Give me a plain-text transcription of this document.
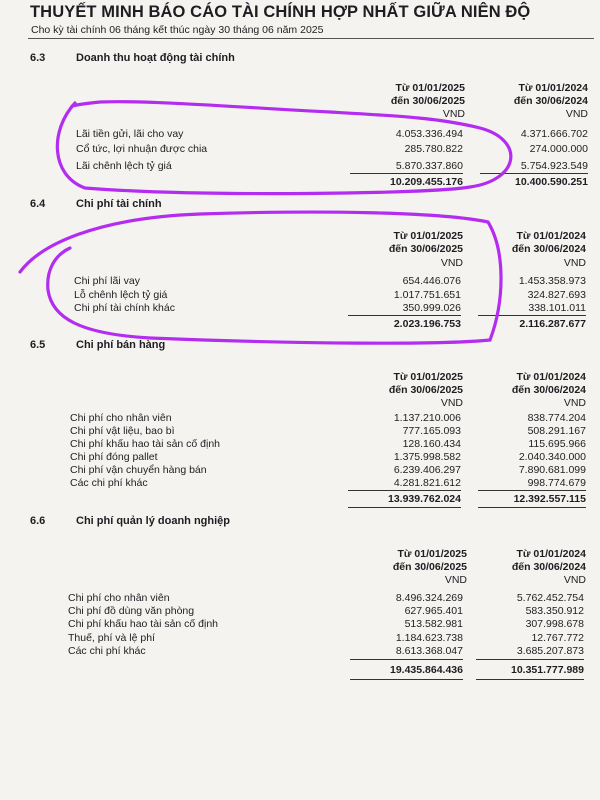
THUYẾT MINH BÁO CÁO TÀI CHÍNH HỢP NHẤT GIỮA NIÊN ĐỘ
Cho kỳ tài chính 06 tháng kết thúc ngày 30 tháng 06 năm 2025
6.3	Doanh thu hoạt động tài chính
Từ 01/01/2025
đến 30/06/2025
Từ 01/01/2024
đến 30/06/2024
VND	VND
Lãi tiền gửi, lãi cho vay	4.053.336.494	4.371.666.702
Cổ tức, lợi nhuận được chia	285.780.822	274.000.000
Lãi chênh lệch tỷ giá	5.870.337.860	5.754.923.549
10.209.455.176	10.400.590.251
6.4	Chi phí tài chính
Từ 01/01/2025
đến 30/06/2025
Từ 01/01/2024
đến 30/06/2024
VND	VND
Chi phí lãi vay	654.446.076	1.453.358.973
Lỗ chênh lệch tỷ giá	1.017.751.651	324.827.693
Chi phí tài chính khác	350.999.026	338.101.011
2.023.196.753	2.116.287.677
6.5	Chi phí bán hàng
Từ 01/01/2025
đến 30/06/2025
Từ 01/01/2024
đến 30/06/2024
VND	VND
Chi phí cho nhân viên	1.137.210.006	838.774.204
Chi phí vật liệu, bao bì	777.165.093	508.291.167
Chi phí khấu hao tài sản cố định	128.160.434	115.695.966
Chi phí đóng pallet	1.375.998.582	2.040.340.000
Chi phí vận chuyển hàng bán	6.239.406.297	7.890.681.099
Các chi phí khác	4.281.821.612	998.774.679
13.939.762.024	12.392.557.115
6.6	Chi phí quản lý doanh nghiệp
Từ 01/01/2025
đến 30/06/2025
Từ 01/01/2024
đến 30/06/2024
VND	VND
Chi phí cho nhân viên	8.496.324.269	5.762.452.754
Chi phí đồ dùng văn phòng	627.965.401	583.350.912
Chi phí khấu hao tài sản cố định	513.582.981	307.998.678
Thuế, phí và lệ phí	1.184.623.738	12.767.772
Các chi phí khác	8.613.368.047	3.685.207.873
19.435.864.436	10.351.777.989
